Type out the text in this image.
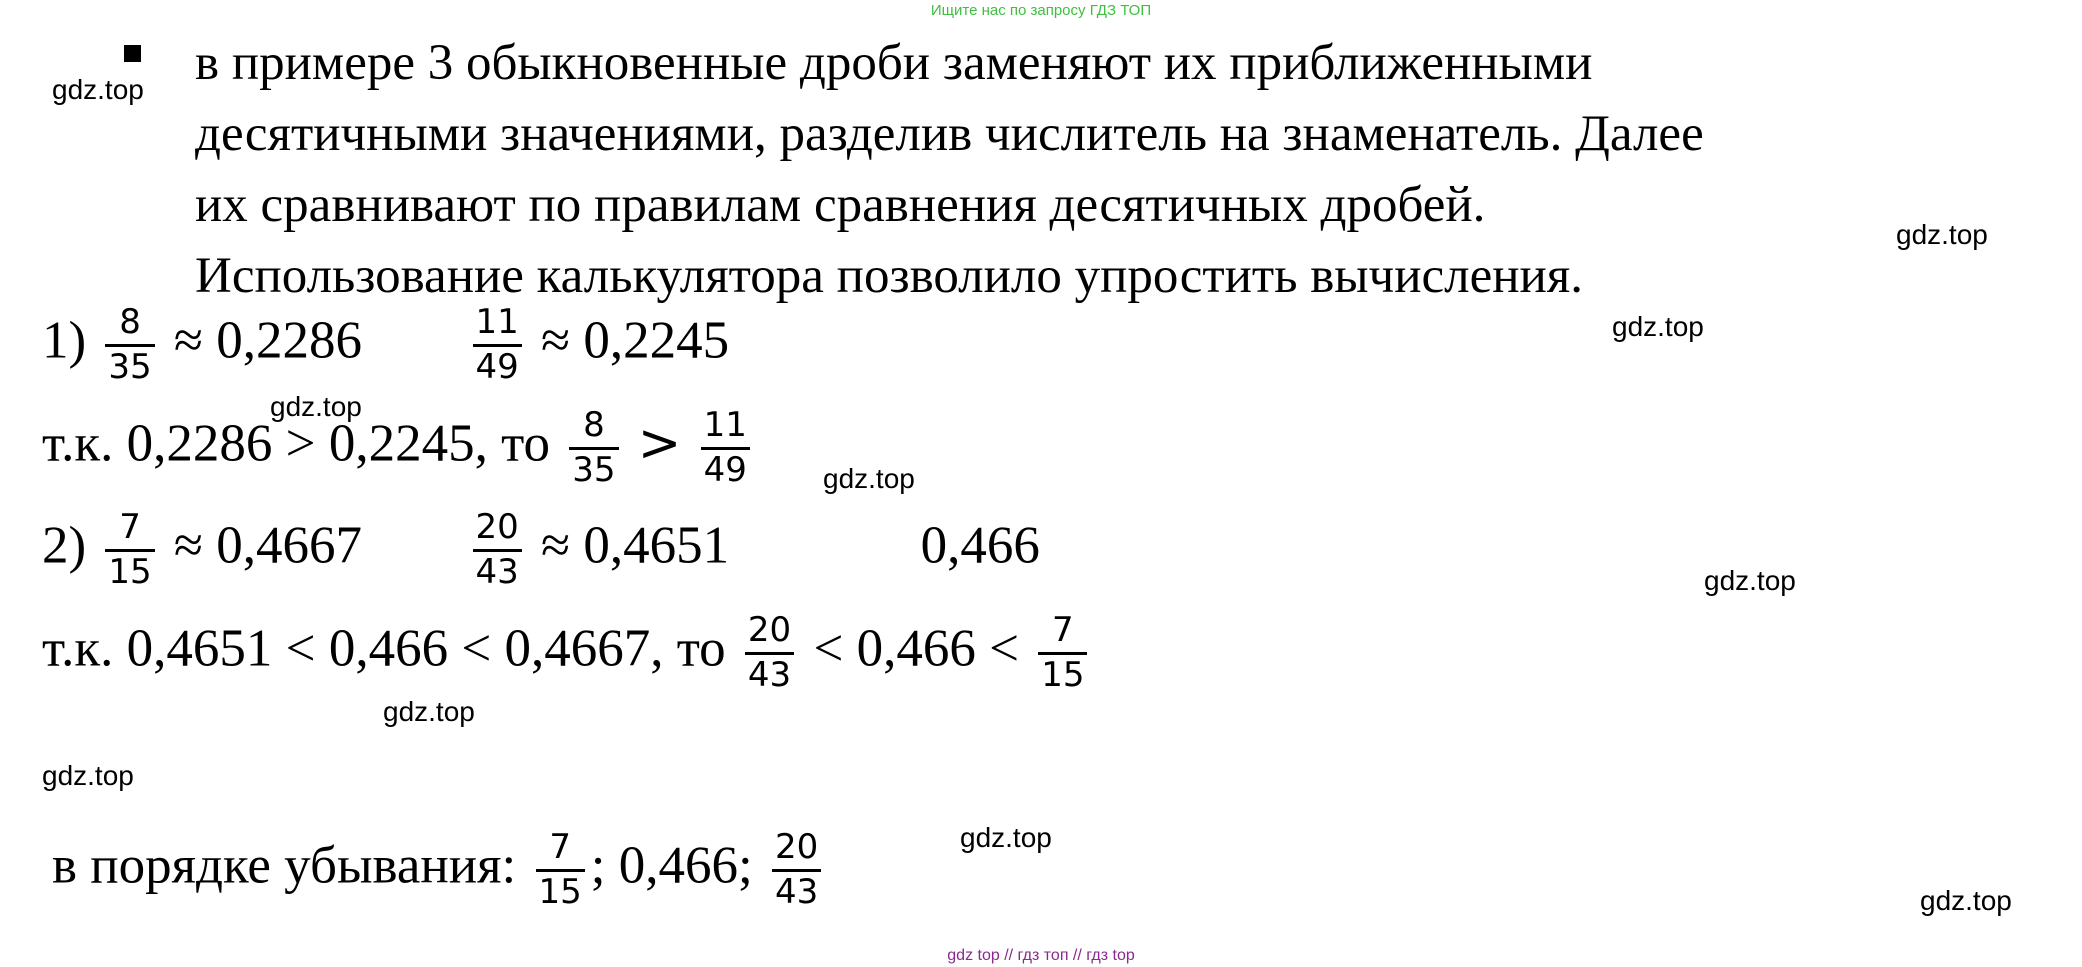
Ищите нас по запросу ГДЗ ТОП
gdz top // гдз топ // гдз top
gdz.top
gdz.top
gdz.top
gdz.top
gdz.top
gdz.top
gdz.top
gdz.top
gdz.top
gdz.top
в примере 3 обыкновенные дроби заменяют их приближенными
десятичными значениями, разделив числитель на знаменатель. Далее
их сравнивают по правилам сравнения десятичных дробей.
Использование калькулятора позволило упростить вычисления.
$1) \frac{8}{35} \approx 0,2286$	$\frac{11}{49} \approx 0,2245$
т.к. 0,2286 > 0,2245, то $\frac{8}{35} > \frac{11}{49}$
$2) \frac{7}{15} \approx 0,4667$	$\frac{20}{43} \approx 0,4651$	0,466
т.к. 0,4651 < 0,466 < 0,4667, то $\frac{20}{43} < 0,466 < \frac{7}{15}$
в порядке убывания: $\frac{7}{15}$ ; 0,466; $\frac{20}{43}$
